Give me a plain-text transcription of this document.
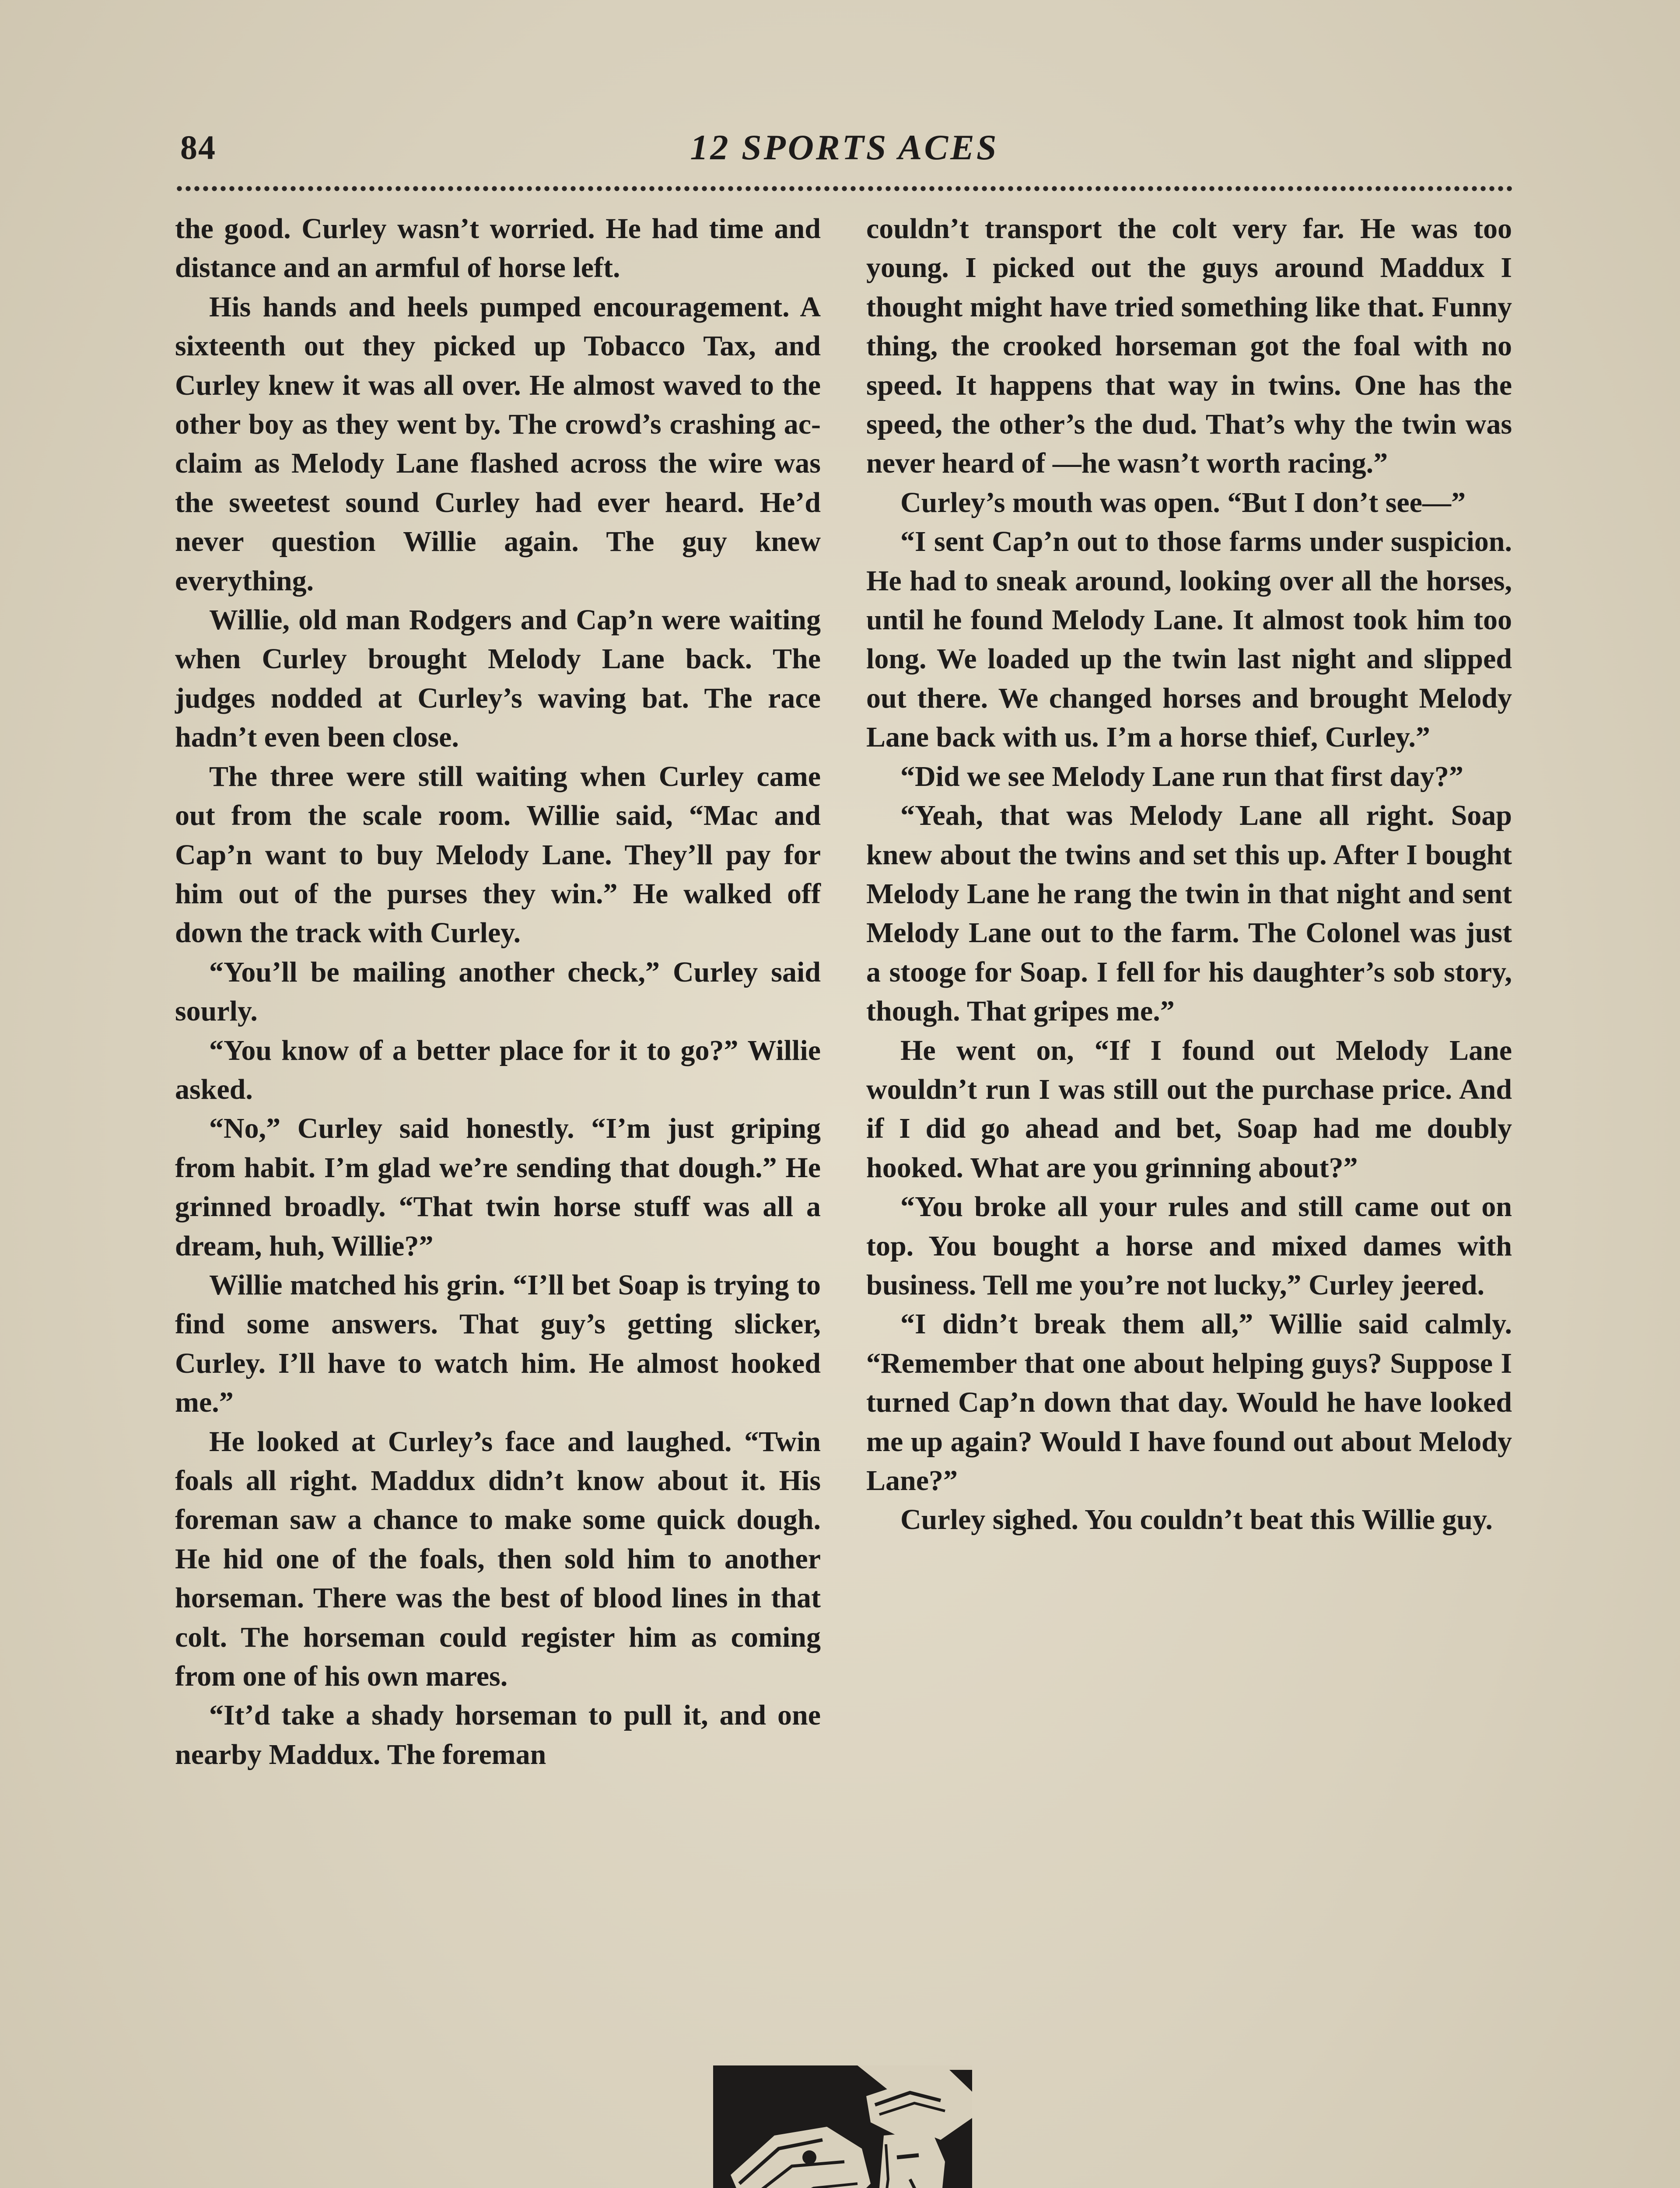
84	12 SPORTS ACES

the good. Curley wasn’t worried. He had time and distance and an armful of horse left.

His hands and heels pumped encouragement. A sixteenth out they picked up Tobacco Tax, and Curley knew it was all over. He almost waved to the other boy as they went by. The crowd’s crashing acclaim as Melody Lane flashed across the wire was the sweetest sound Curley had ever heard. He’d never question Willie again. The guy knew everything.

Willie, old man Rodgers and Cap’n were waiting when Curley brought Melody Lane back. The judges nodded at Curley’s waving bat. The race hadn’t even been close.

The three were still waiting when Curley came out from the scale room. Willie said, “Mac and Cap’n want to buy Melody Lane. They’ll pay for him out of the purses they win.” He walked off down the track with Curley.

“You’ll be mailing another check,” Curley said sourly.

“You know of a better place for it to go?” Willie asked.

“No,” Curley said honestly. “I’m just griping from habit. I’m glad we’re sending that dough.” He grinned broadly. “That twin horse stuff was all a dream, huh, Willie?”

Willie matched his grin. “I’ll bet Soap is trying to find some answers. That guy’s getting slicker, Curley. I’ll have to watch him. He almost hooked me.”

He looked at Curley’s face and laughed. “Twin foals all right. Maddux didn’t know about it. His foreman saw a chance to make some quick dough. He hid one of the foals, then sold him to another horseman. There was the best of blood lines in that colt. The horseman could register him as coming from one of his own mares.

“It’d take a shady horseman to pull it, and one nearby Maddux. The foreman

couldn’t transport the colt very far. He was too young. I picked out the guys around Maddux I thought might have tried something like that. Funny thing, the crooked horseman got the foal with no speed. It happens that way in twins. One has the speed, the other’s the dud. That’s why the twin was never heard of —he wasn’t worth racing.”

Curley’s mouth was open. “But I don’t see—”

“I sent Cap’n out to those farms under suspicion. He had to sneak around, looking over all the horses, until he found Melody Lane. It almost took him too long. We loaded up the twin last night and slipped out there. We changed horses and brought Melody Lane back with us. I’m a horse thief, Curley.”

“Did we see Melody Lane run that first day?”

“Yeah, that was Melody Lane all right. Soap knew about the twins and set this up. After I bought Melody Lane he rang the twin in that night and sent Melody Lane out to the farm. The Colonel was just a stooge for Soap. I fell for his daughter’s sob story, though. That gripes me.”

He went on, “If I found out Melody Lane wouldn’t run I was still out the purchase price. And if I did go ahead and bet, Soap had me doubly hooked. What are you grinning about?”

“You broke all your rules and still came out on top. You bought a horse and mixed dames with business. Tell me you’re not lucky,” Curley jeered.

“I didn’t break them all,” Willie said calmly. “Remember that one about helping guys? Suppose I turned Cap’n down that day. Would he have looked me up again? Would I have found out about Melody Lane?”

Curley sighed. You couldn’t beat this Willie guy.
